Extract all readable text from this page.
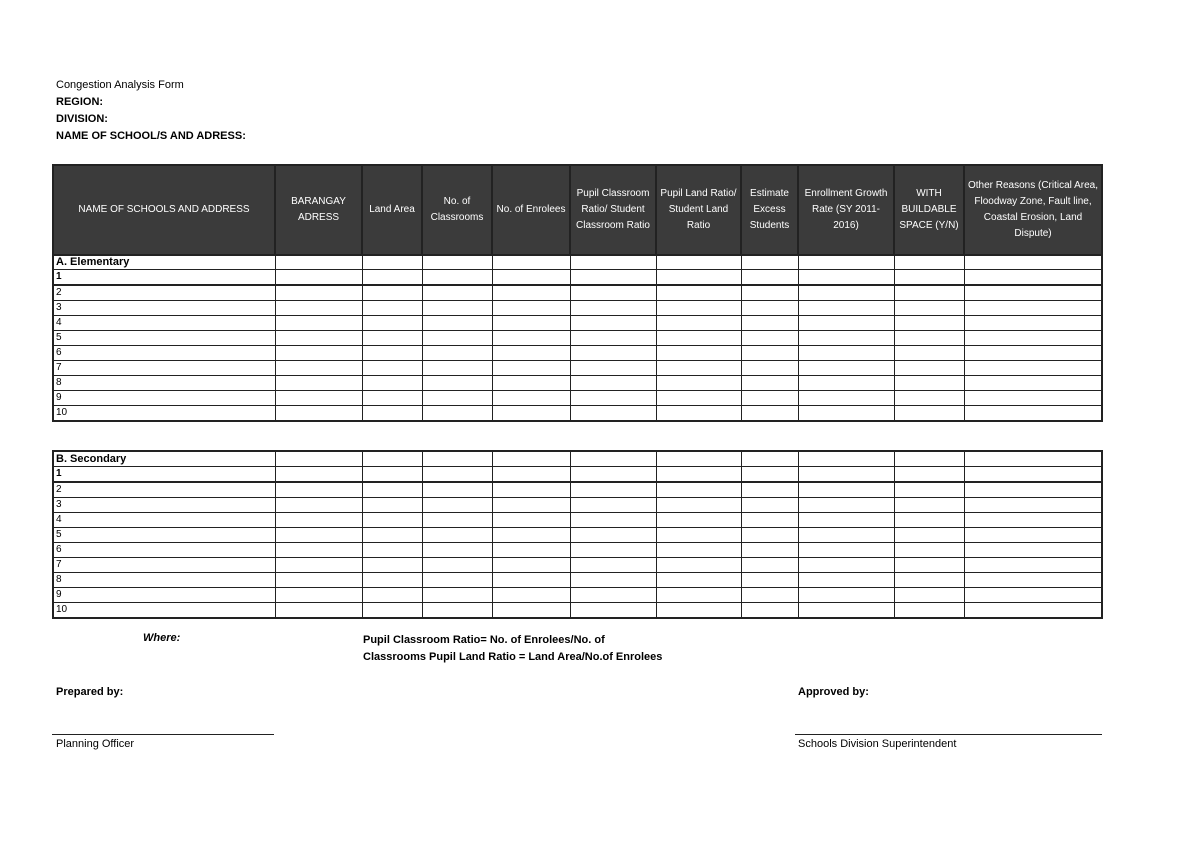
Congestion Analysis Form
REGION:
DIVISION:
NAME OF SCHOOL/S AND ADRESS:
NAME OF SCHOOLS AND ADDRESS	BARANGAY ADRESS	Land Area	No. of Classrooms	No. of Enrolees	Pupil Classroom Ratio/ Student Classroom Ratio	Pupil Land Ratio/ Student Land Ratio	Estimate Excess Students	Enrollment Growth Rate (SY 2011-2016)	WITH BUILDABLE SPACE (Y/N)	Other Reasons (Critical Area, Floodway Zone, Fault line, Coastal Erosion, Land Dispute)
A. Elementary										
1										
2										
3										
4										
5										
6										
7										
8										
9										
10										
B. Secondary										
1										
2										
3										
4										
5										
6										
7										
8										
9										
10										
Where:	Pupil Classroom Ratio= No. of Enrolees/No. of
Classrooms Pupil Land Ratio = Land Area/No.of Enrolees
Prepared by:	Approved by:
Planning Officer	Schools Division Superintendent
